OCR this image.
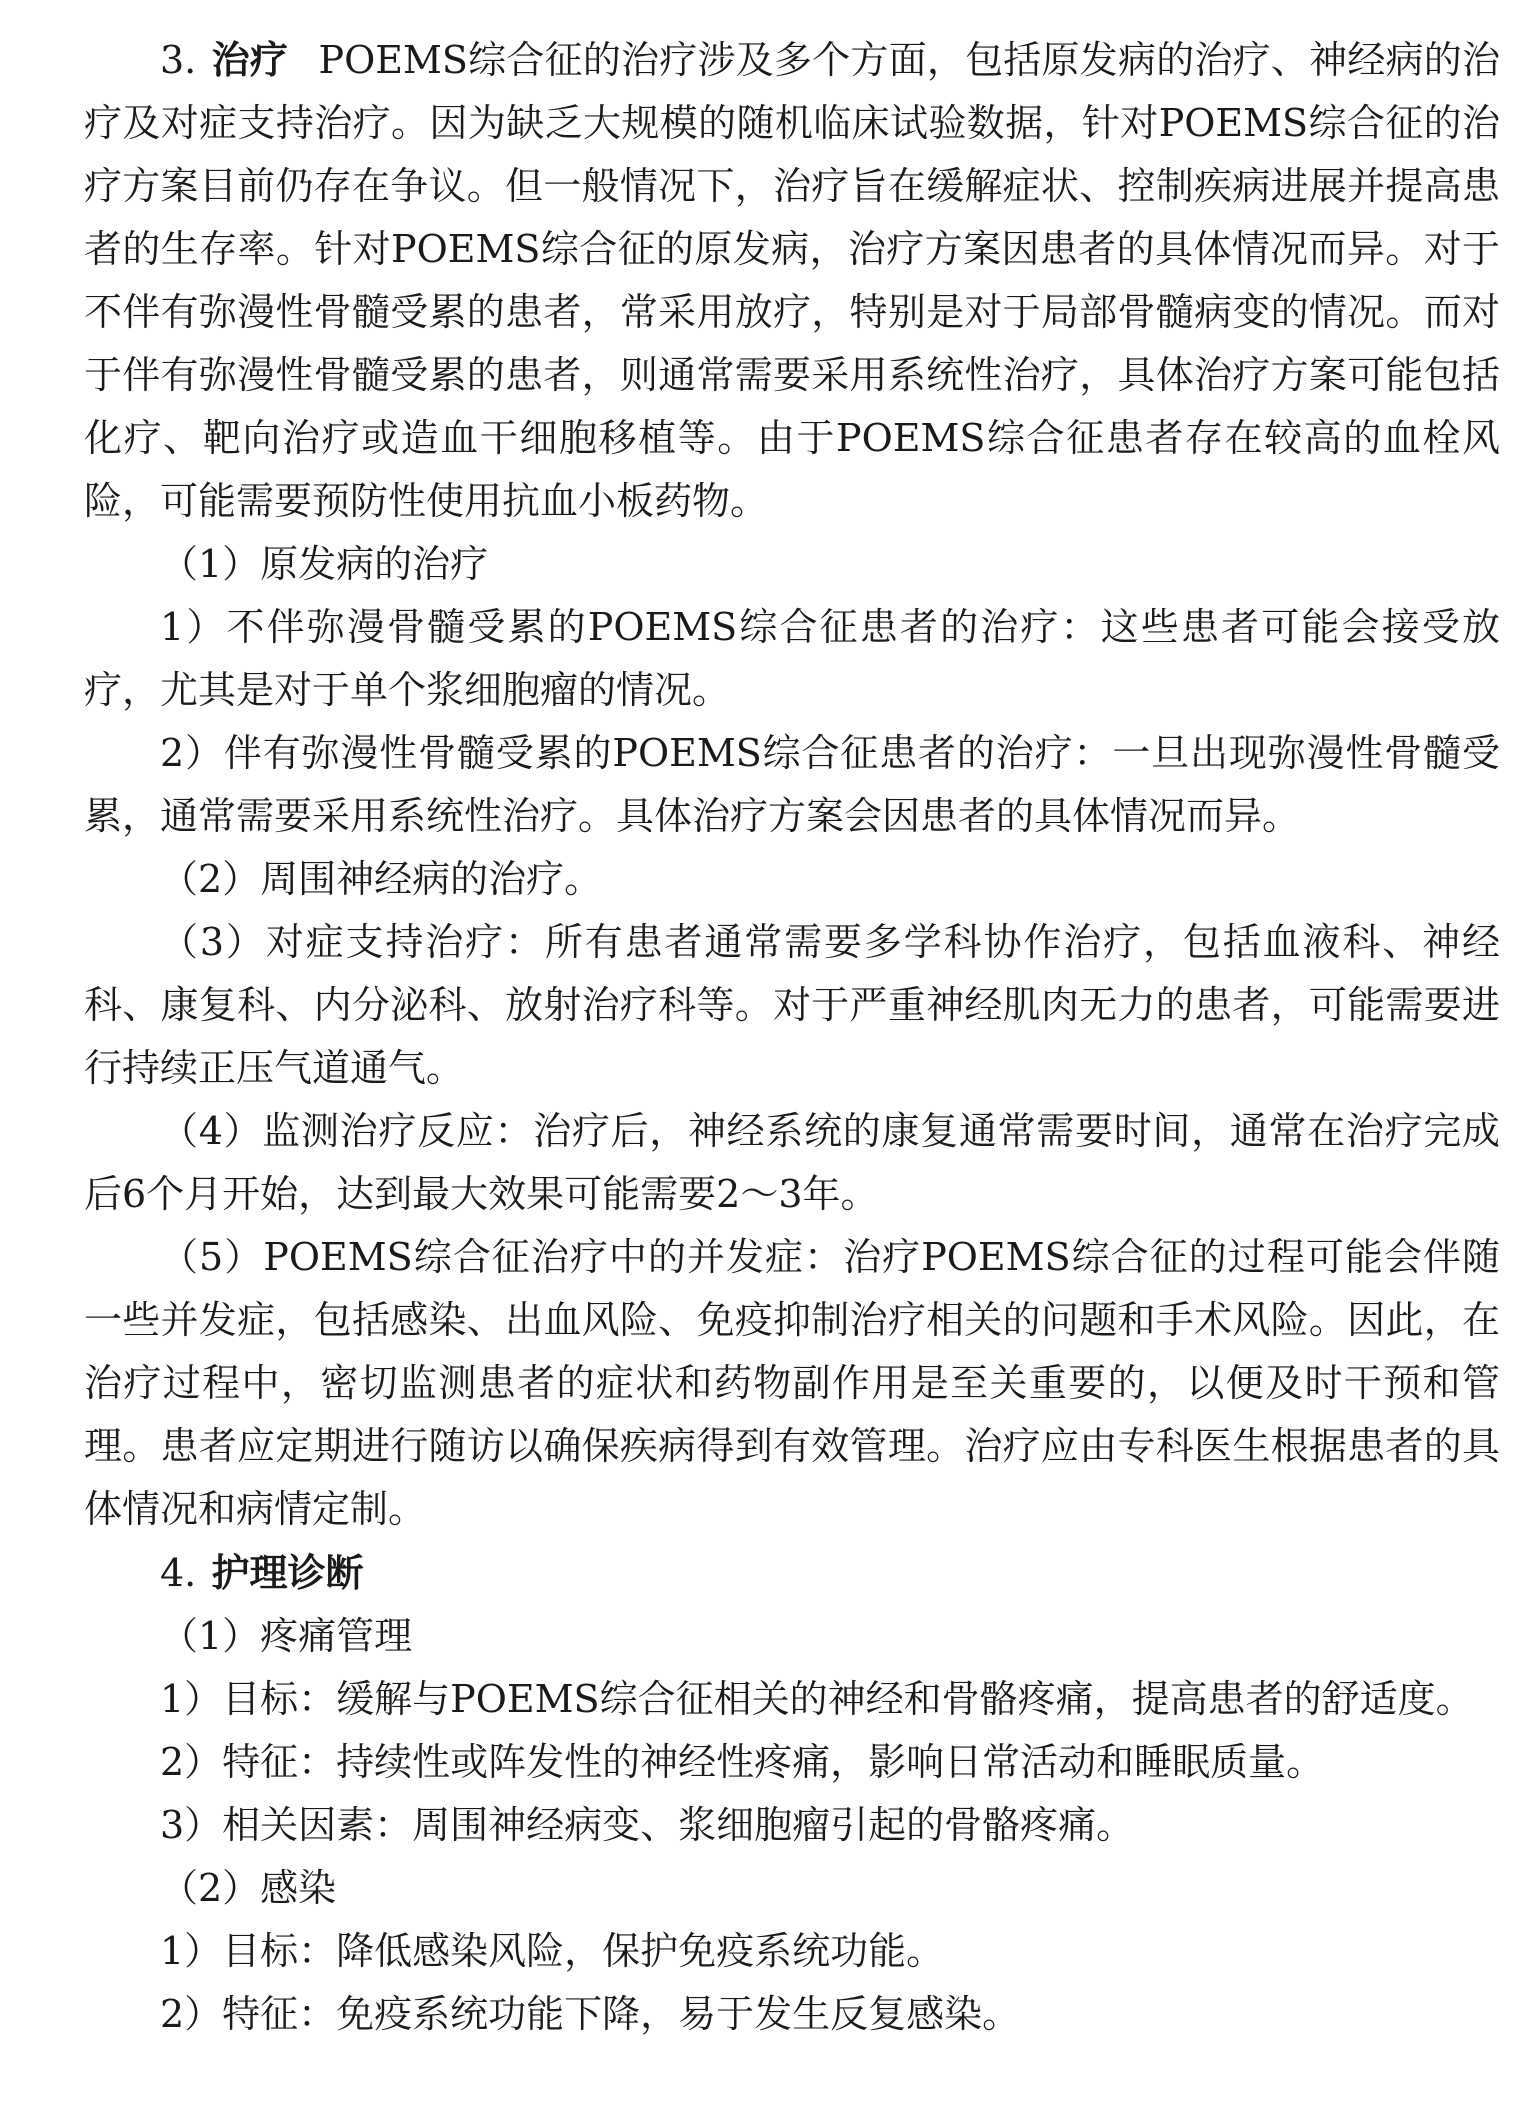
3. 治疗 POEMS综合征的治疗涉及多个方面，包括原发病的治疗、神经病的治疗及对症支持治疗。因为缺乏大规模的随机临床试验数据，针对POEMS综合征的治疗方案目前仍存在争议。但一般情况下，治疗旨在缓解症状、控制疾病进展并提高患者的生存率。针对POEMS综合征的原发病，治疗方案因患者的具体情况而异。对于不伴有弥漫性骨髓受累的患者，常采用放疗，特别是对于局部骨髓病变的情况。而对于伴有弥漫性骨髓受累的患者，则通常需要采用系统性治疗，具体治疗方案可能包括化疗、靶向治疗或造血干细胞移植等。由于POEMS综合征患者存在较高的血栓风险，可能需要预防性使用抗血小板药物。

（1）原发病的治疗

1）不伴弥漫骨髓受累的POEMS综合征患者的治疗：这些患者可能会接受放疗，尤其是对于单个浆细胞瘤的情况。

2）伴有弥漫性骨髓受累的POEMS综合征患者的治疗：一旦出现弥漫性骨髓受累，通常需要采用系统性治疗。具体治疗方案会因患者的具体情况而异。

（2）周围神经病的治疗。

（3）对症支持治疗：所有患者通常需要多学科协作治疗，包括血液科、神经科、康复科、内分泌科、放射治疗科等。对于严重神经肌肉无力的患者，可能需要进行持续正压气道通气。

（4）监测治疗反应：治疗后，神经系统的康复通常需要时间，通常在治疗完成后6个月开始，达到最大效果可能需要2～3年。

（5）POEMS综合征治疗中的并发症：治疗POEMS综合征的过程可能会伴随一些并发症，包括感染、出血风险、免疫抑制治疗相关的问题和手术风险。因此，在治疗过程中，密切监测患者的症状和药物副作用是至关重要的，以便及时干预和管理。患者应定期进行随访以确保疾病得到有效管理。治疗应由专科医生根据患者的具体情况和病情定制。

4. 护理诊断

（1）疼痛管理

1）目标：缓解与POEMS综合征相关的神经和骨骼疼痛，提高患者的舒适度。

2）特征：持续性或阵发性的神经性疼痛，影响日常活动和睡眠质量。

3）相关因素：周围神经病变、浆细胞瘤引起的骨骼疼痛。

（2）感染

1）目标：降低感染风险，保护免疫系统功能。

2）特征：免疫系统功能下降，易于发生反复感染。
